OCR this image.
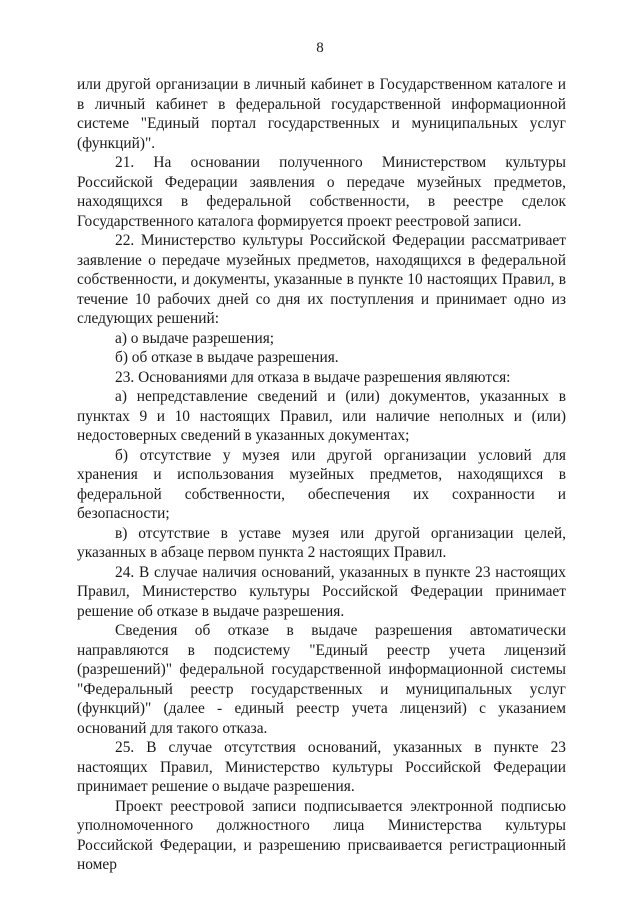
8

или другой организации в личный кабинет в Государственном каталоге и в личный кабинет в федеральной государственной информационной системе "Единый портал государственных и муниципальных услуг (функций)".

21. На основании полученного Министерством культуры Российской Федерации заявления о передаче музейных предметов, находящихся в федеральной собственности, в реестре сделок Государственного каталога формируется проект реестровой записи.

22. Министерство культуры Российской Федерации рассматривает заявление о передаче музейных предметов, находящихся в федеральной собственности, и документы, указанные в пункте 10 настоящих Правил, в течение 10 рабочих дней со дня их поступления и принимает одно из следующих решений:

а) о выдаче разрешения;

б) об отказе в выдаче разрешения.

23. Основаниями для отказа в выдаче разрешения являются:

а) непредставление сведений и (или) документов, указанных в пунктах 9 и 10 настоящих Правил, или наличие неполных и (или) недостоверных сведений в указанных документах;

б) отсутствие у музея или другой организации условий для хранения и использования музейных предметов, находящихся в федеральной собственности, обеспечения их сохранности и безопасности;

в) отсутствие в уставе музея или другой организации целей, указанных в абзаце первом пункта 2 настоящих Правил.

24. В случае наличия оснований, указанных в пункте 23 настоящих Правил, Министерство культуры Российской Федерации принимает решение об отказе в выдаче разрешения.

Сведения об отказе в выдаче разрешения автоматически направляются в подсистему "Единый реестр учета лицензий (разрешений)" федеральной государственной информационной системы "Федеральный реестр государственных и муниципальных услуг (функций)" (далее - единый реестр учета лицензий) с указанием оснований для такого отказа.

25. В случае отсутствия оснований, указанных в пункте 23 настоящих Правил, Министерство культуры Российской Федерации принимает решение о выдаче разрешения.

Проект реестровой записи подписывается электронной подписью уполномоченного должностного лица Министерства культуры Российской Федерации, и разрешению присваивается регистрационный номер
